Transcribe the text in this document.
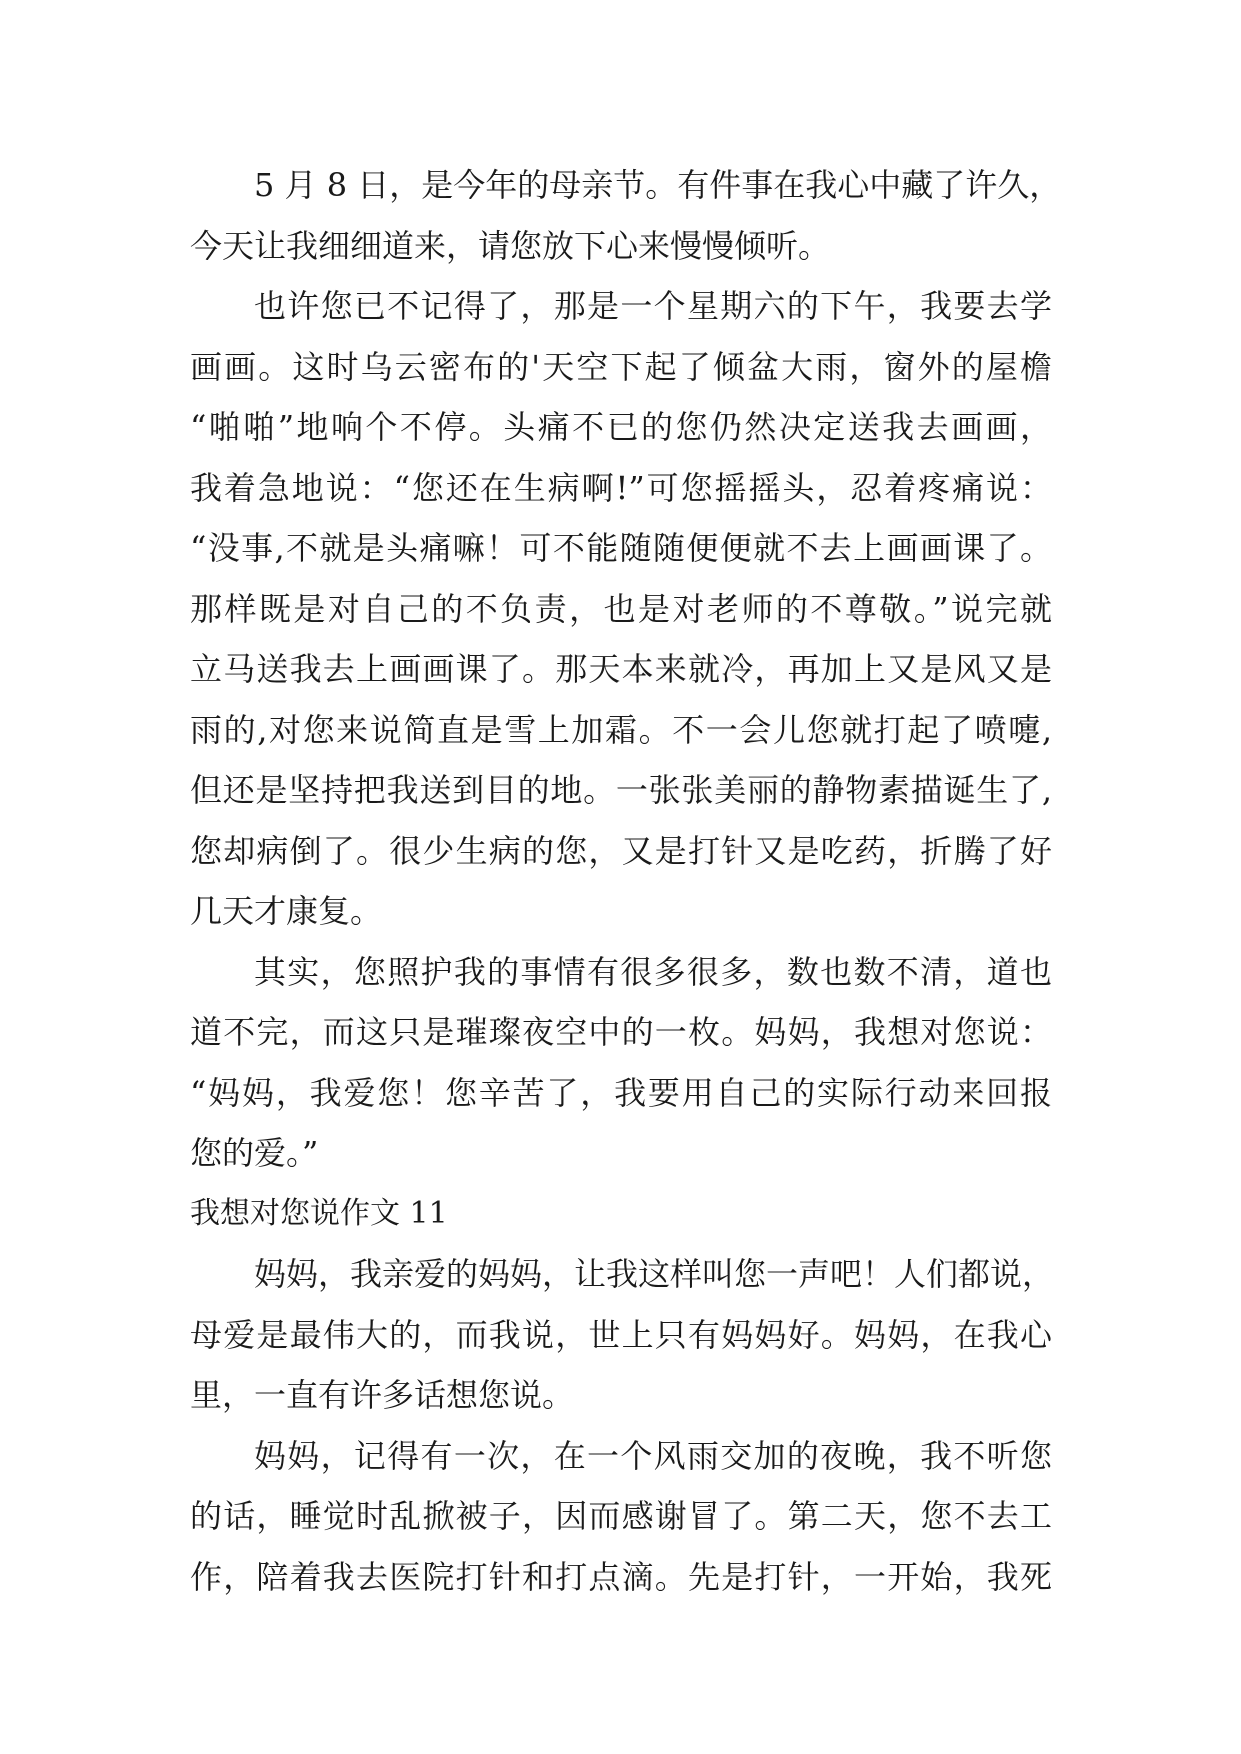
5 月 8 日，是今年的母亲节。有件事在我心中藏了许久，
今天让我细细道来，请您放下心来慢慢倾听。
也许您已不记得了，那是一个星期六的下午，我要去学
画画。这时乌云密布的'天空下起了倾盆大雨，窗外的屋檐
“啪啪”地响个不停。头痛不已的您仍然决定送我去画画，
我着急地说：“您还在生病啊!”可您摇摇头，忍着疼痛说：
“没事,不就是头痛嘛！可不能随随便便就不去上画画课了。
那样既是对自己的不负责，也是对老师的不尊敬。”说完就
立马送我去上画画课了。那天本来就冷，再加上又是风又是
雨的,对您来说简直是雪上加霜。不一会儿您就打起了喷嚏,
但还是坚持把我送到目的地。一张张美丽的静物素描诞生了,
您却病倒了。很少生病的您，又是打针又是吃药，折腾了好
几天才康复。
其实，您照护我的事情有很多很多，数也数不清，道也
道不完，而这只是璀璨夜空中的一枚。妈妈，我想对您说：
“妈妈，我爱您！您辛苦了，我要用自己的实际行动来回报
您的爱。”
我想对您说作文 11
妈妈，我亲爱的妈妈，让我这样叫您一声吧！人们都说，
母爱是最伟大的，而我说，世上只有妈妈好。妈妈，在我心
里，一直有许多话想您说。
妈妈，记得有一次，在一个风雨交加的夜晚，我不听您
的话，睡觉时乱掀被子，因而感谢冒了。第二天，您不去工
作，陪着我去医院打针和打点滴。先是打针，一开始，我死
